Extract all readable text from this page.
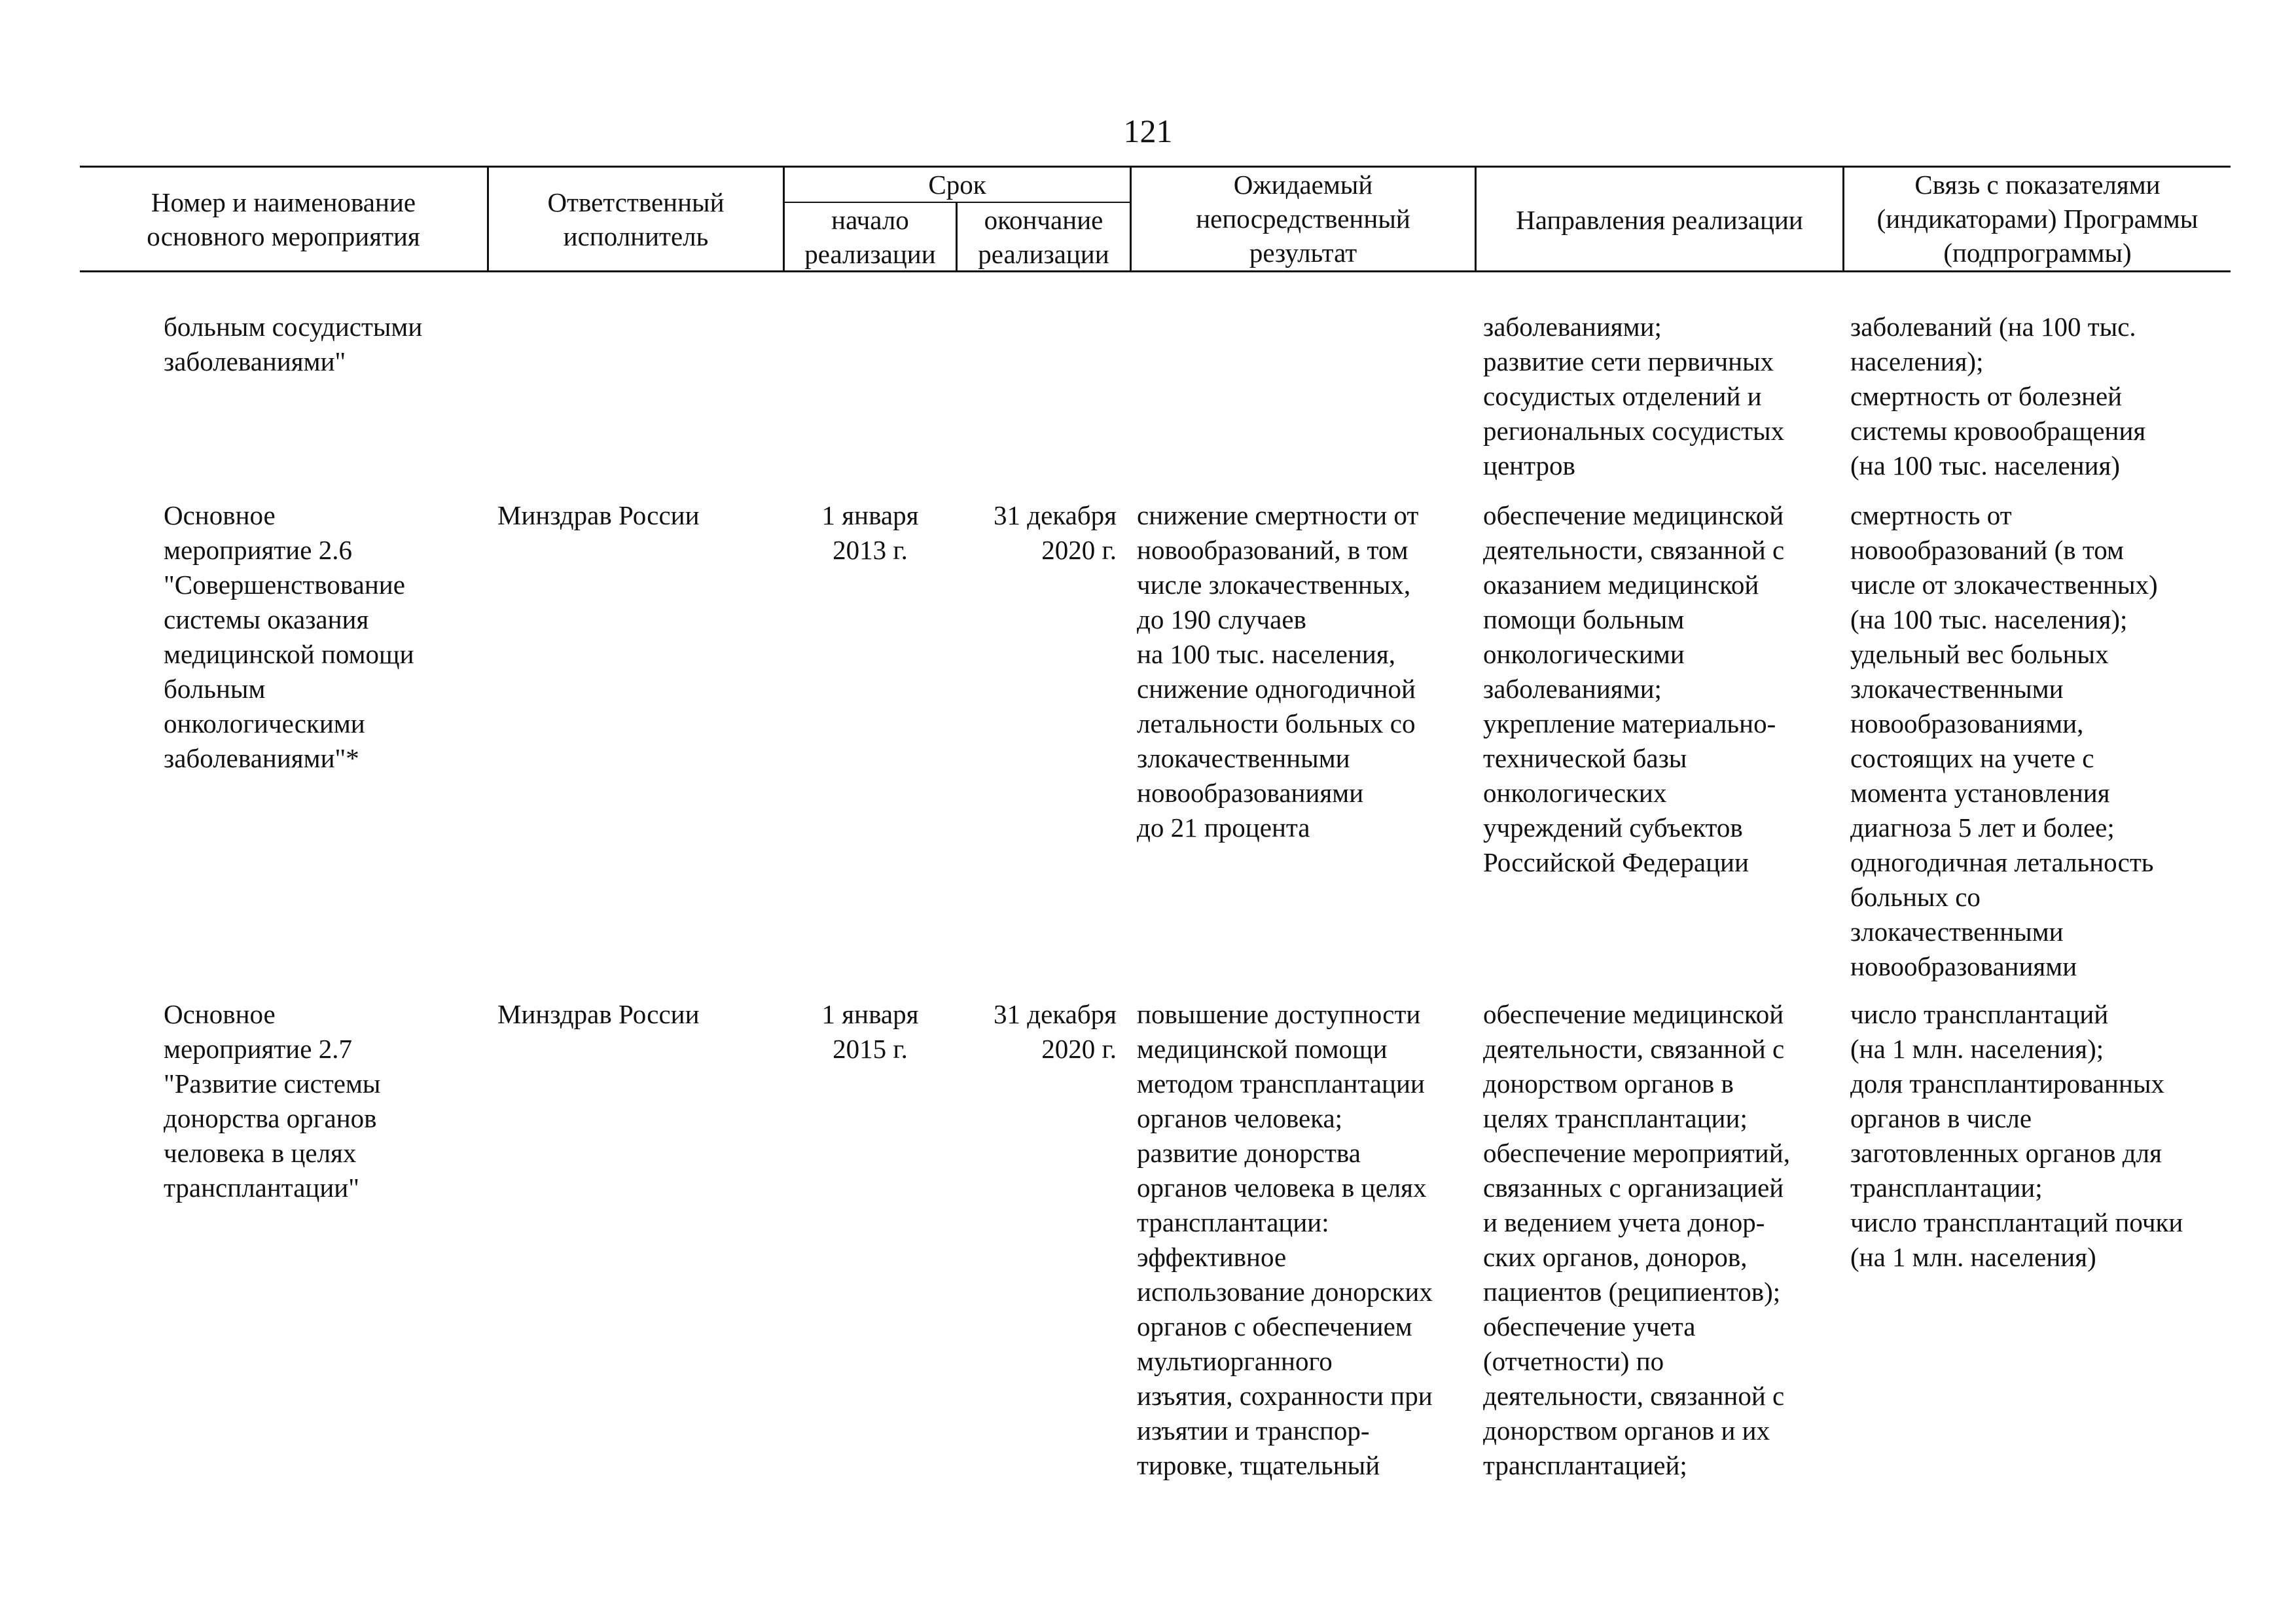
121
Номер и наименование
основного мероприятия
Ответственный
исполнитель
Срок
начало
реализации
окончание
реализации
Ожидаемый
непосредственный
результат
Направления реализации
Связь с показателями
(индикаторами) Программы
(подпрограммы)
больным сосудистыми
заболеваниями"
заболеваниями;
развитие сети первичных
сосудистых отделений и
региональных сосудистых
центров
заболеваний (на 100 тыс.
населения);
смертность от болезней
системы кровообращения
(на 100 тыс. населения)
Основное
мероприятие 2.6
"Совершенствование
системы оказания
медицинской помощи
больным
онкологическими
заболеваниями"*
Минздрав России	1 января
2013 г.
31 декабря
2020 г.
снижение смертности от
новообразований, в том
числе злокачественных,
до 190 случаев
на 100 тыс. населения,
снижение одногодичной
летальности больных со
злокачественными
новообразованиями
до 21 процента
обеспечение медицинской
деятельности, связанной с
оказанием медицинской
помощи больным
онкологическими
заболеваниями;
укрепление материально-
технической базы
онкологических
учреждений субъектов
Российской Федерации
смертность от
новообразований (в том
числе от злокачественных)
(на 100 тыс. населения);
удельный вес больных
злокачественными
новообразованиями,
состоящих на учете с
момента установления
диагноза 5 лет и более;
одногодичная летальность
больных со
злокачественными
новообразованиями
Основное
мероприятие 2.7
"Развитие системы
донорства органов
человека в целях
трансплантации"
Минздрав России	1 января
2015 г.
31 декабря
2020 г.
повышение доступности
медицинской помощи
методом трансплантации
органов человека;
развитие донорства
органов человека в целях
трансплантации:
эффективное
использование донорских
органов с обеспечением
мультиорганного
изъятия, сохранности при
изъятии и транспор-
тировке, тщательный
обеспечение медицинской
деятельности, связанной с
донорством органов в
целях трансплантации;
обеспечение мероприятий,
связанных с организацией
и ведением учета донор-
ских органов, доноров,
пациентов (реципиентов);
обеспечение учета
(отчетности) по
деятельности, связанной с
донорством органов и их
трансплантацией;
число трансплантаций
(на 1 млн. населения);
доля трансплантированных
органов в числе
заготовленных органов для
трансплантации;
число трансплантаций почки
(на 1 млн. населения)
